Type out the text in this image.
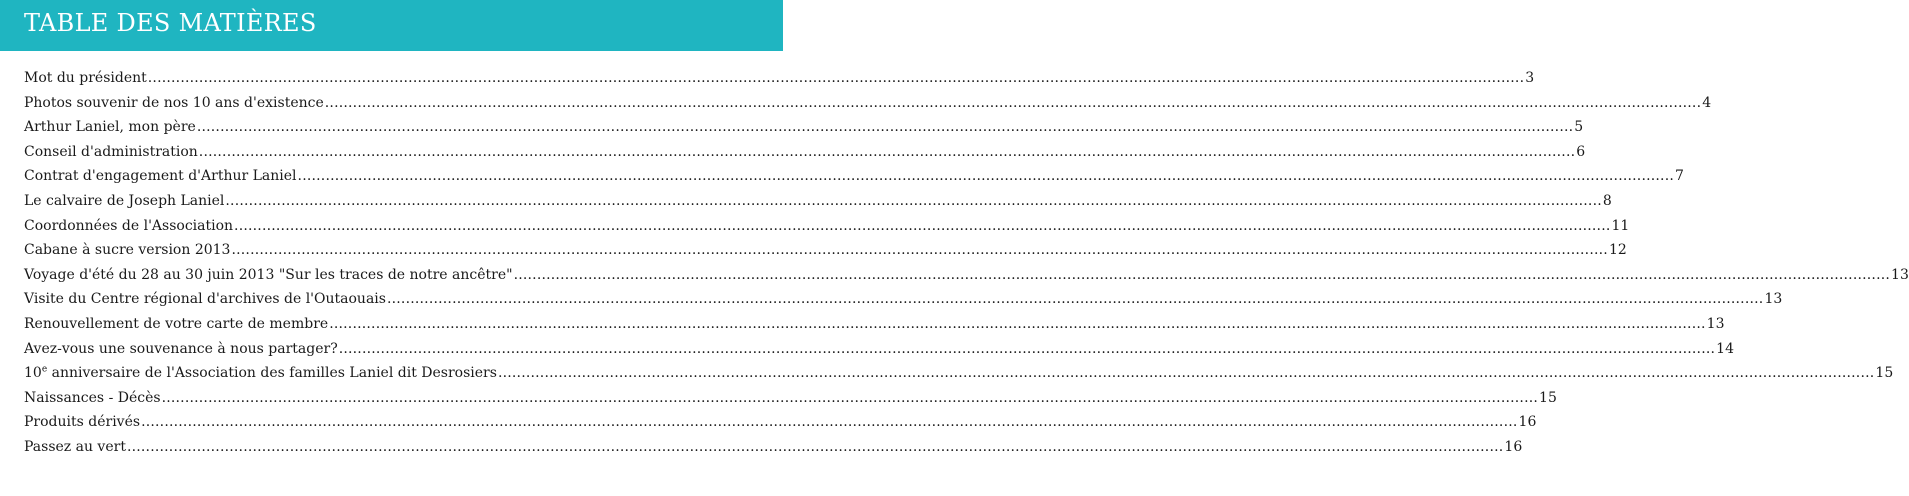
TABLE DES MATIÈRES
Mot du président .....	3
Photos souvenir de nos 10 ans d'existence .....	4
Arthur Laniel, mon père .....	5
Conseil d'administration .....	6
Contrat d'engagement d'Arthur Laniel .....	7
Le calvaire de Joseph Laniel .....	8
Coordonnées de l'Association .....	11
Cabane à sucre version 2013 .....	12
Voyage d'été du 28 au 30 juin 2013 "Sur les traces de notre ancêtre" .....	13
Visite du Centre régional d'archives de l'Outaouais .....	13
Renouvellement de votre carte de membre .....	13
Avez-vous une souvenance à nous partager? .....	14
10e anniversaire de l'Association des familles Laniel dit Desrosiers .....	15
Naissances - Décès .....	15
Produits dérivés .....	16
Passez au vert .....	16
